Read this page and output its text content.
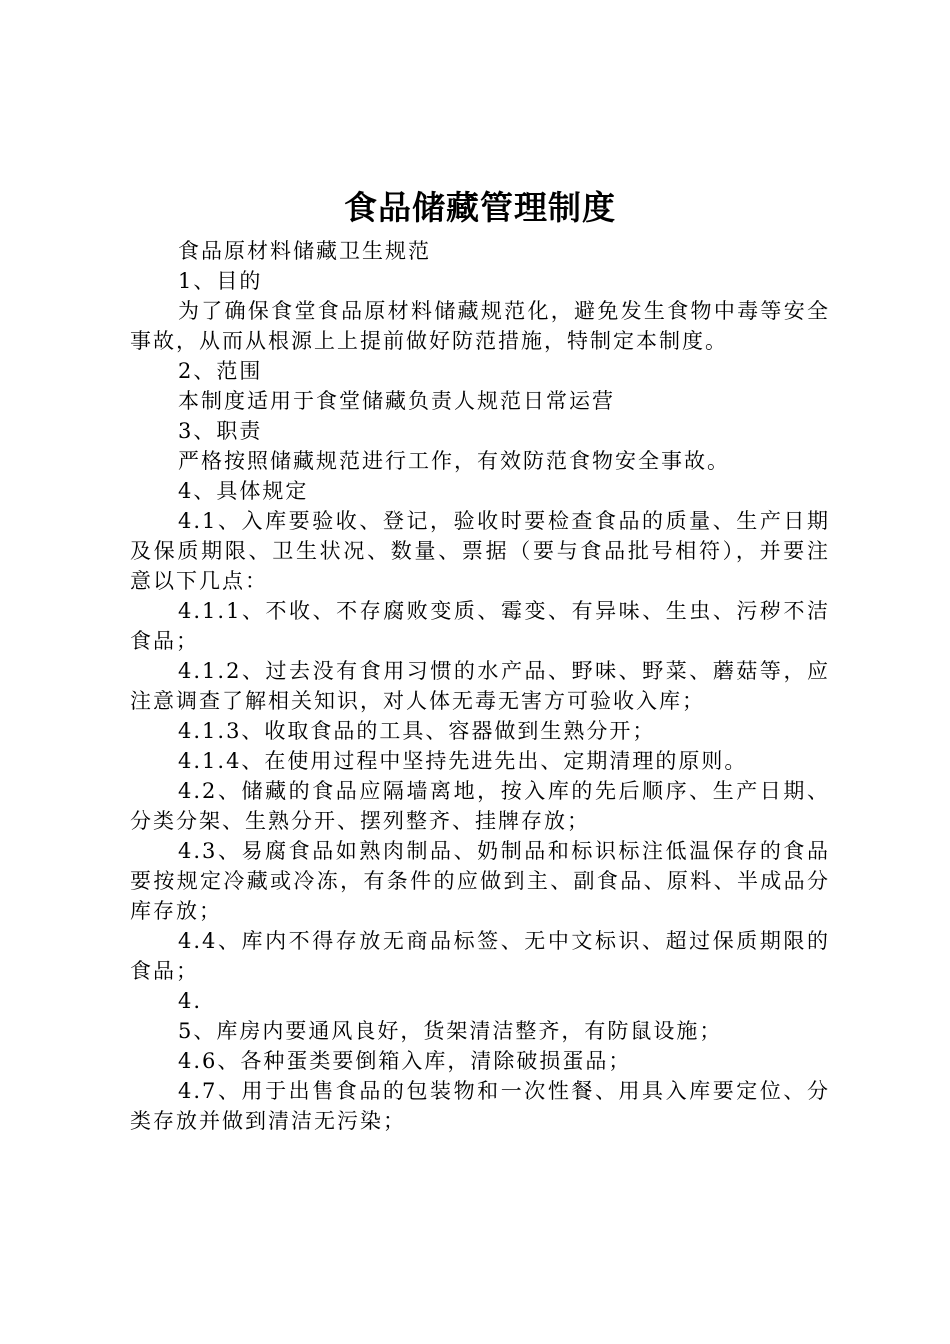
食品储藏管理制度

食品原材料储藏卫生规范

1、目的

为了确保食堂食品原材料储藏规范化，避免发生食物中毒等安全事故，从而从根源上上提前做好防范措施，特制定本制度。

2、范围

本制度适用于食堂储藏负责人规范日常运营

3、职责

严格按照储藏规范进行工作，有效防范食物安全事故。

4、具体规定

4.1、入库要验收、登记，验收时要检查食品的质量、生产日期及保质期限、卫生状况、数量、票据（要与食品批号相符），并要注意以下几点：

4.1.1、不收、不存腐败变质、霉变、有异味、生虫、污秽不洁食品；

4.1.2、过去没有食用习惯的水产品、野味、野菜、蘑菇等，应注意调查了解相关知识，对人体无毒无害方可验收入库；

4.1.3、收取食品的工具、容器做到生熟分开；

4.1.4、在使用过程中坚持先进先出、定期清理的原则。

4.2、储藏的食品应隔墙离地，按入库的先后顺序、生产日期、分类分架、生熟分开、摆列整齐、挂牌存放；

4.3、易腐食品如熟肉制品、奶制品和标识标注低温保存的食品要按规定冷藏或冷冻，有条件的应做到主、副食品、原料、半成品分库存放；

4.4、库内不得存放无商品标签、无中文标识、超过保质期限的食品；

4.

5、库房内要通风良好，货架清洁整齐，有防鼠设施；

4.6、各种蛋类要倒箱入库，清除破损蛋品；

4.7、用于出售食品的包装物和一次性餐、用具入库要定位、分类存放并做到清洁无污染；
